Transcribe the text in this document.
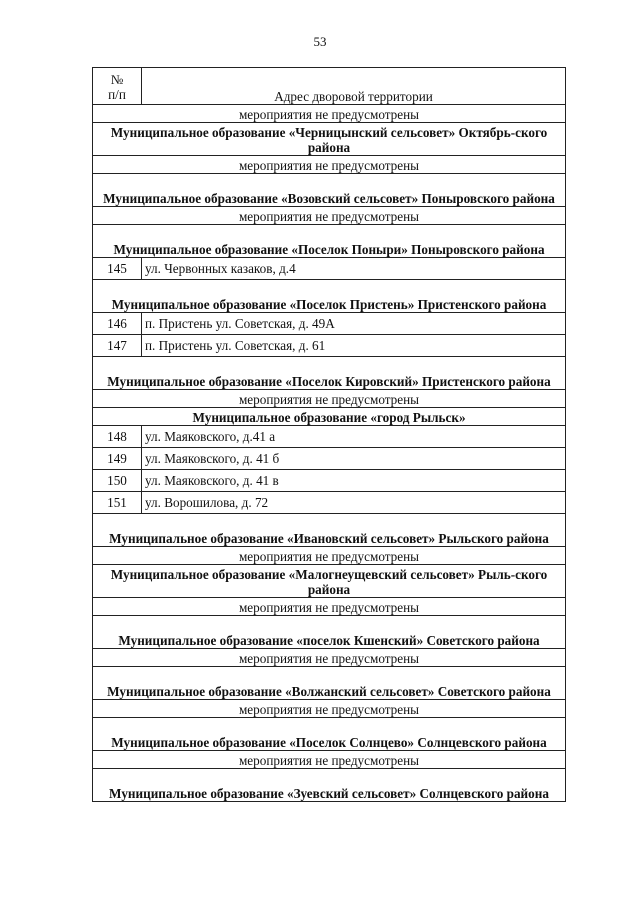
53
№
п/п	Адрес дворовой территории
мероприятия не предусмотрены	
Муниципальное образование «Черницынский сельсовет» Октябрь-ского района	
мероприятия не предусмотрены	
Муниципальное образование «Возовский сельсовет» Поныровского района	
мероприятия не предусмотрены	
Муниципальное образование «Поселок Поныри» Поныровского района	
145	ул. Червонных казаков, д.4
Муниципальное образование «Поселок Пристень» Пристенского района	
146	п. Пристень ул. Советская, д. 49А
147	п. Пристень ул. Советская, д. 61
Муниципальное образование «Поселок Кировский» Пристенского района	
мероприятия не предусмотрены	
Муниципальное образование «город Рыльск»	
148	ул. Маяковского, д.41 а
149	ул. Маяковского, д. 41 б
150	ул. Маяковского, д. 41 в
151	ул. Ворошилова, д. 72
Муниципальное образование «Ивановский сельсовет» Рыльского района	
мероприятия не предусмотрены	
Муниципальное образование «Малогнеущевский сельсовет» Рыль-ского района	
мероприятия не предусмотрены	
Муниципальное образование «поселок Кшенский» Советского района	
мероприятия не предусмотрены	
Муниципальное образование «Волжанский сельсовет» Советского района	
мероприятия не предусмотрены	
Муниципальное образование «Поселок Солнцево» Солнцевского района	
мероприятия не предусмотрены	
Муниципальное образование «Зуевский сельсовет» Солнцевского района	
